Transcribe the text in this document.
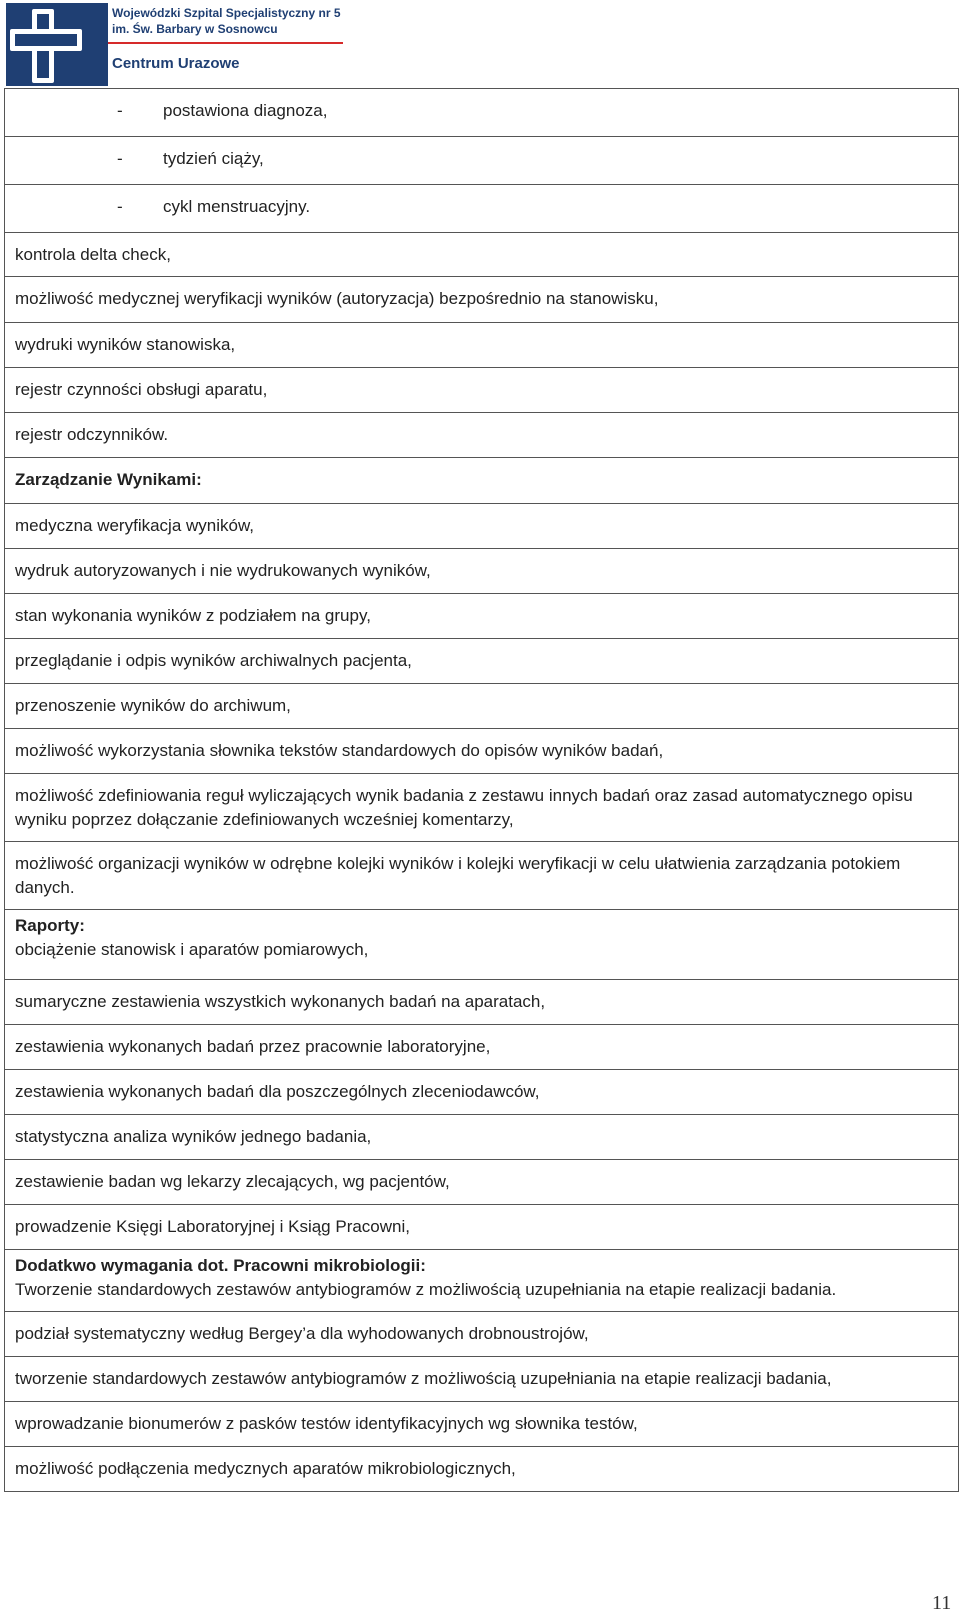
Wojewódzki Szpital Specjalistyczny nr 5
im. Św. Barbary w Sosnowcu
Centrum Urazowe
- postawiona diagnoza,
- tydzień ciąży,
- cykl menstruacyjny.
kontrola delta check,
możliwość medycznej weryfikacji wyników (autoryzacja) bezpośrednio na stanowisku,
wydruki wyników stanowiska,
rejestr czynności obsługi aparatu,
rejestr odczynników.
Zarządzanie Wynikami:
medyczna weryfikacja wyników,
wydruk autoryzowanych i nie wydrukowanych wyników,
stan wykonania wyników z podziałem na grupy,
przeglądanie i odpis wyników archiwalnych pacjenta,
przenoszenie wyników do archiwum,
możliwość wykorzystania słownika tekstów standardowych do opisów wyników badań,
możliwość zdefiniowania reguł wyliczających wynik badania z zestawu innych badań oraz zasad automatycznego opisu wyniku poprzez dołączanie zdefiniowanych wcześniej komentarzy,
możliwość organizacji wyników w odrębne kolejki wyników i kolejki weryfikacji w celu ułatwienia zarządzania potokiem danych.
Raporty:
obciążenie stanowisk i aparatów pomiarowych,
sumaryczne zestawienia wszystkich wykonanych badań na aparatach,
zestawienia wykonanych badań przez pracownie laboratoryjne,
zestawienia wykonanych badań dla poszczególnych zleceniodawców,
statystyczna analiza wyników jednego badania,
zestawienie badan wg lekarzy zlecających, wg pacjentów,
prowadzenie Księgi Laboratoryjnej i Ksiąg Pracowni,
Dodatkwo wymagania dot. Pracowni mikrobiologii:
Tworzenie standardowych zestawów antybiogramów z możliwością uzupełniania na etapie realizacji badania.
podział systematyczny według Bergey’a dla wyhodowanych drobnoustrojów,
tworzenie standardowych zestawów antybiogramów z możliwością uzupełniania na etapie realizacji badania,
wprowadzanie bionumerów z pasków testów identyfikacyjnych wg słownika testów,
możliwość podłączenia medycznych aparatów mikrobiologicznych,
11
